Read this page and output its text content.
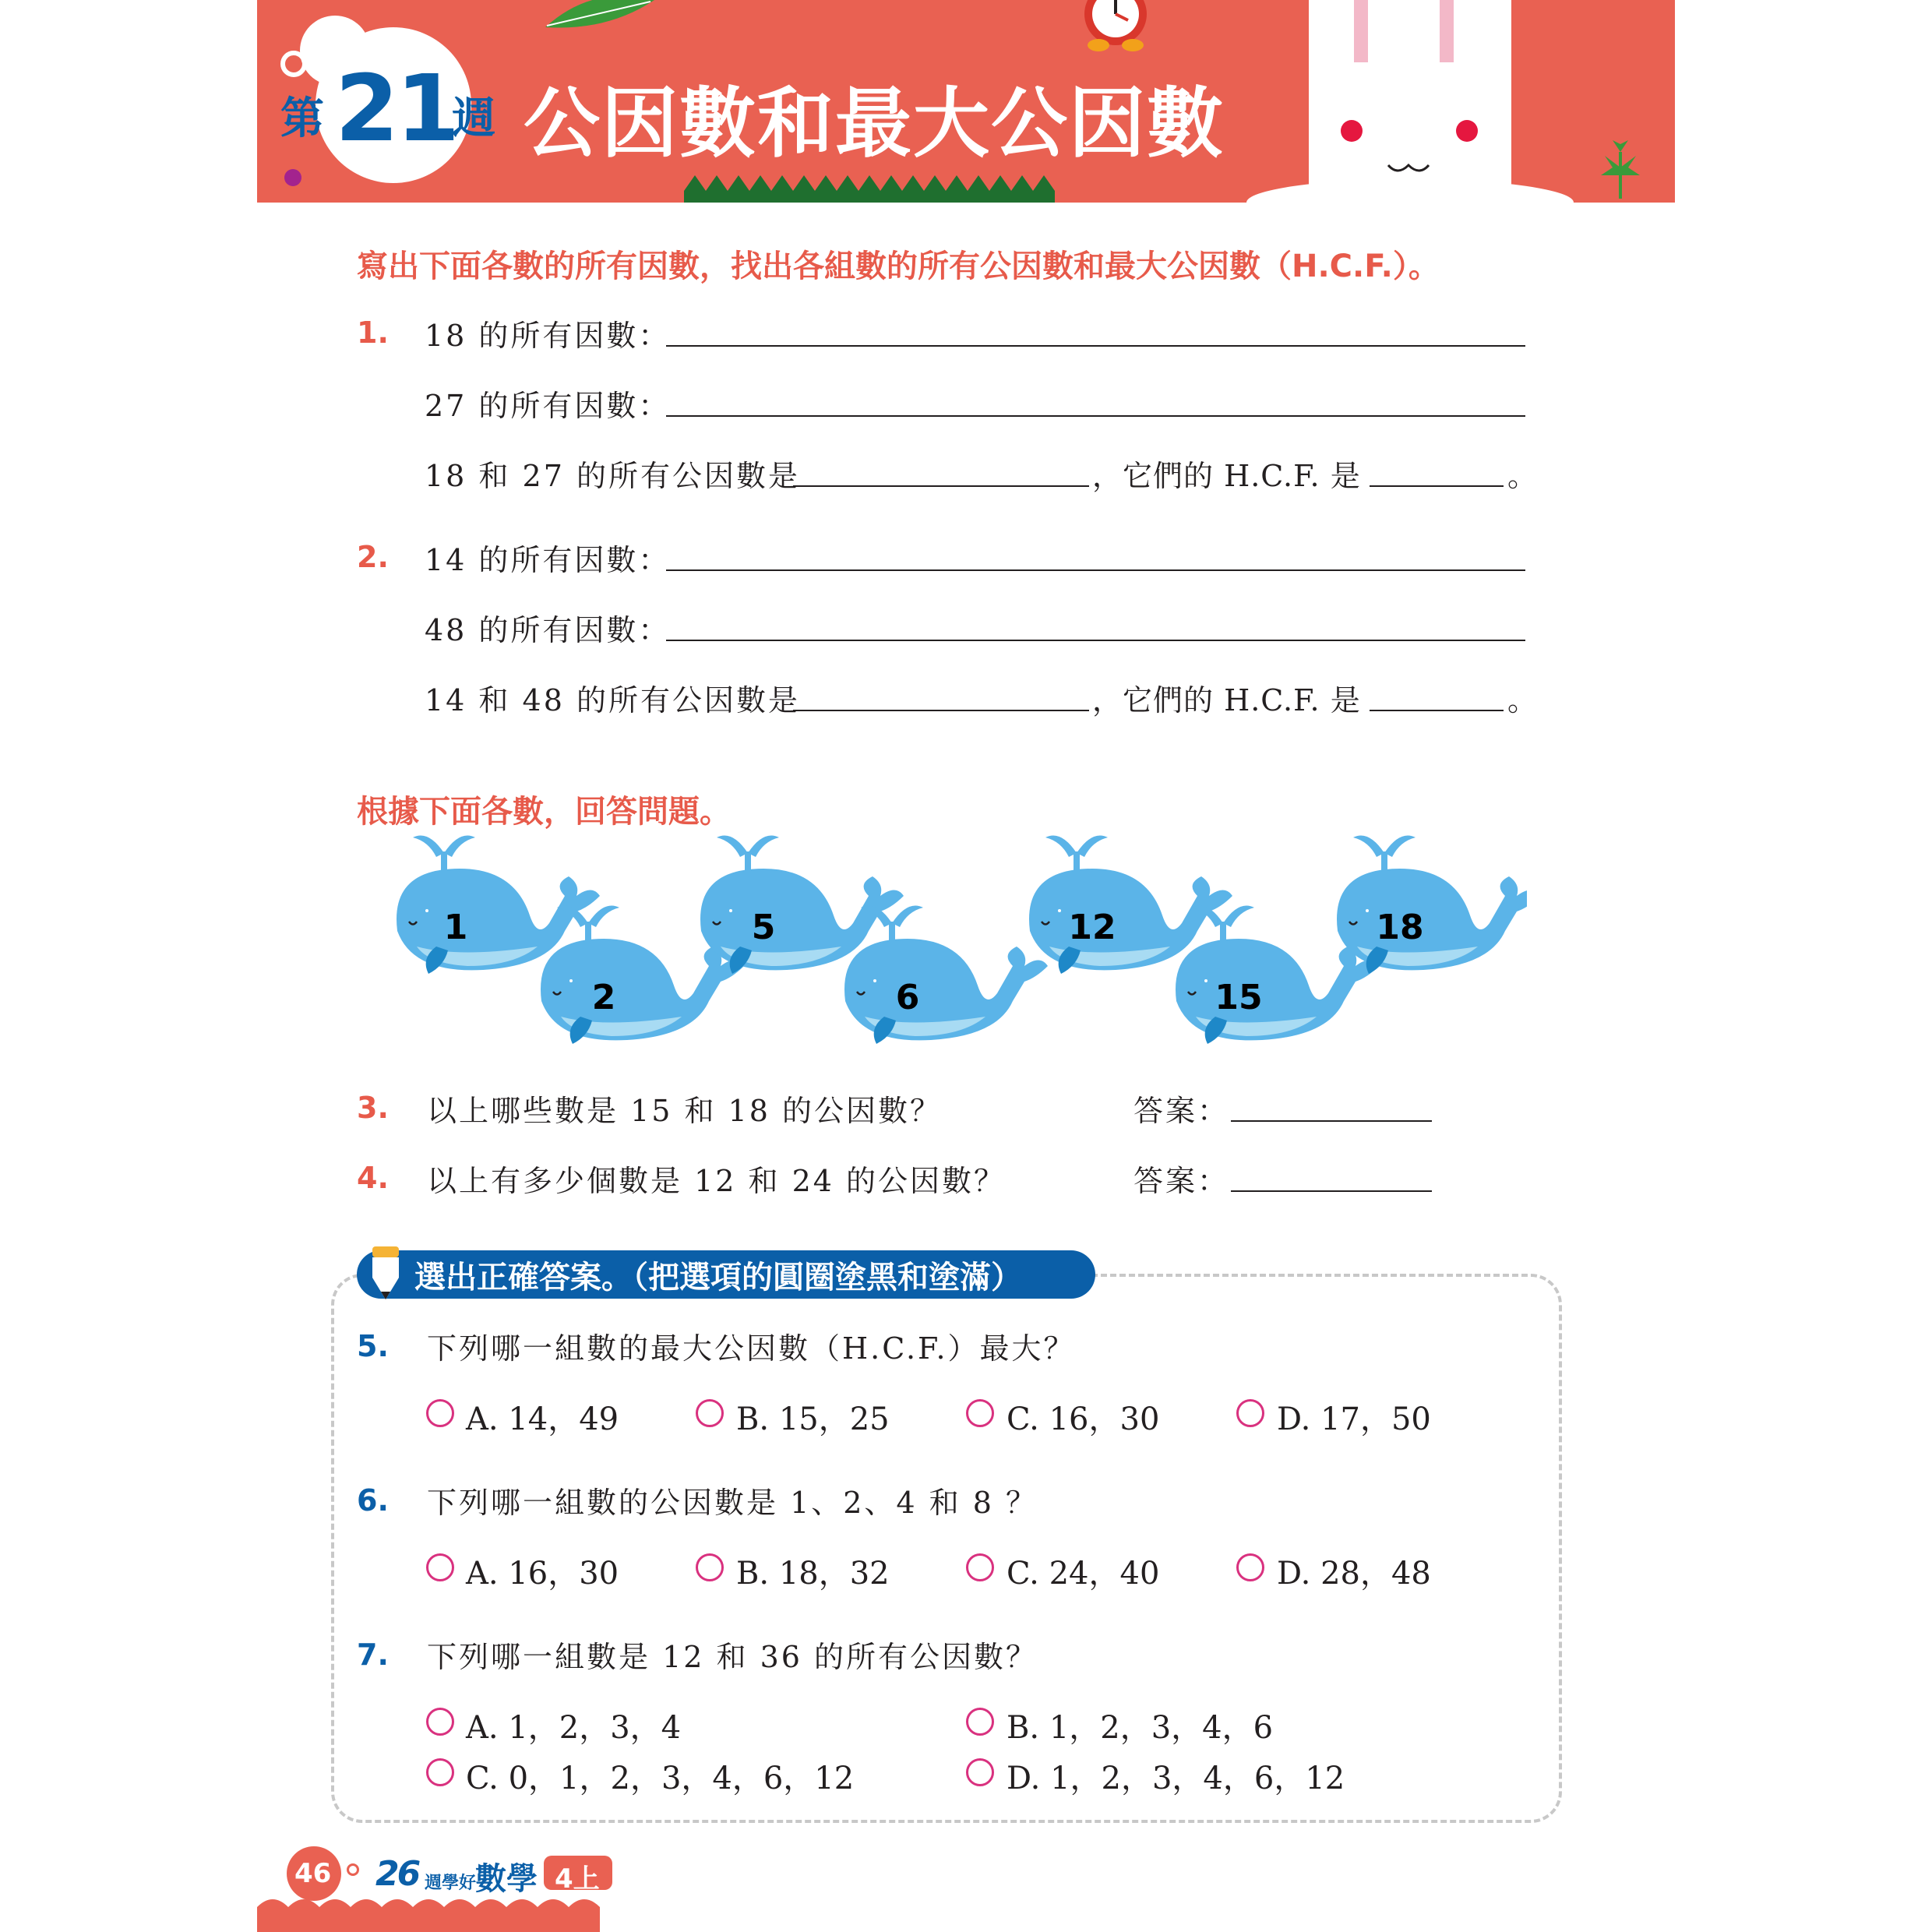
第 21
週 公因數和最大公因數
寫出下面各數的所有因數，找出各組數的所有公因數和最大公因數（H.C.F.）。
1. 18 的所有因數：
27 的所有因數：
18 和 27 的所有公因數是	，它們的 H.C.F. 是	。
2. 14 的所有因數：
48 的所有因數：
14 和 48 的所有公因數是	，它們的 H.C.F. 是	。
根據下面各數，回答問題。
1
2
5
6
12
15
18
3. 以上哪些數是 15 和 18 的公因數？	答案：
4. 以上有多少個數是 12 和 24 的公因數？	答案：
選出正確答案。（把選項的圓圈塗黑和塗滿）
5. 下列哪一組數的最大公因數（H.C.F.）最大？
A. 14，49	B. 15，25	C. 16，30	D. 17，50
6. 下列哪一組數的公因數是 1、2、4 和 8 ？
A. 16，30	B. 18，32	C. 24，40	D. 28，48
7. 下列哪一組數是 12 和 36 的所有公因數？
A. 1，2，3，4	B. 1，2，3，4，6
C. 0，1，2，3，4，6，12	D. 1，2，3，4，6，12
46 26 週學好
數學 4上
